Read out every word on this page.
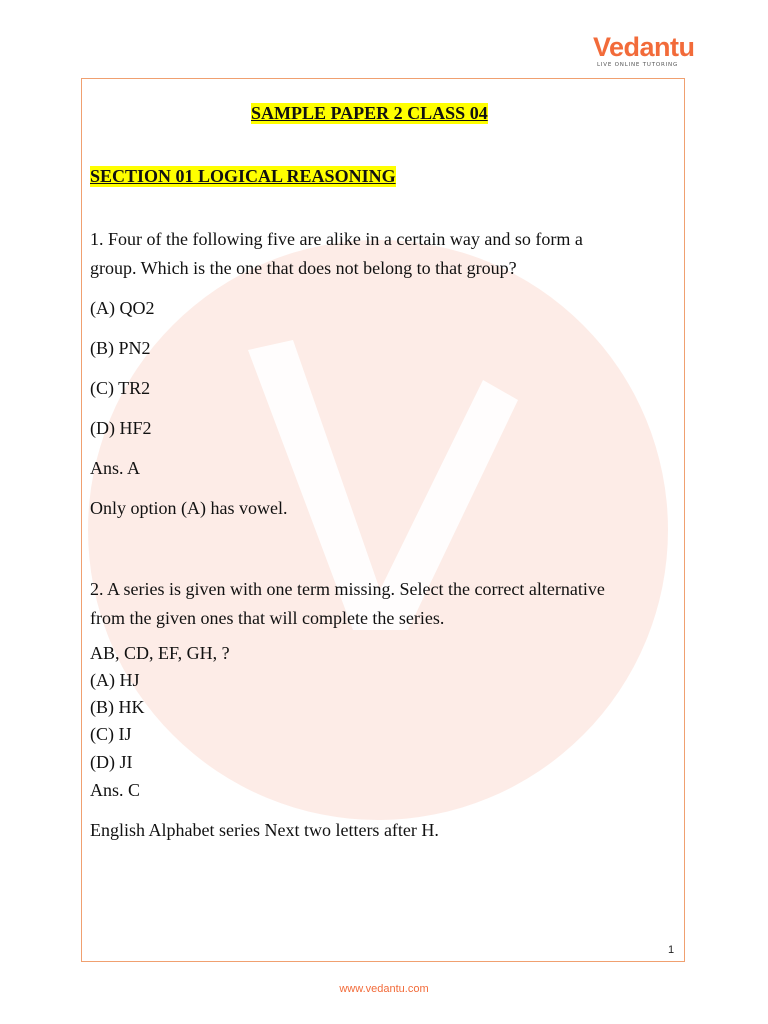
Vedantu
LIVE ONLINE TUTORING
SAMPLE PAPER 2 CLASS 04
SECTION 01 LOGICAL REASONING
1. Four of the following five are alike in a certain way and so form a
group. Which is the one that does not belong to that group?
(A) QO2
(B) PN2
(C) TR2
(D) HF2
Ans. A
Only option (A) has vowel.
2. A series is given with one term missing. Select the correct alternative
from the given ones that will complete the series.
AB, CD, EF, GH, ?
(A) HJ
(B) HK
(C) IJ
(D) JI
Ans. C
English Alphabet series Next two letters after H.
1
www.vedantu.com
